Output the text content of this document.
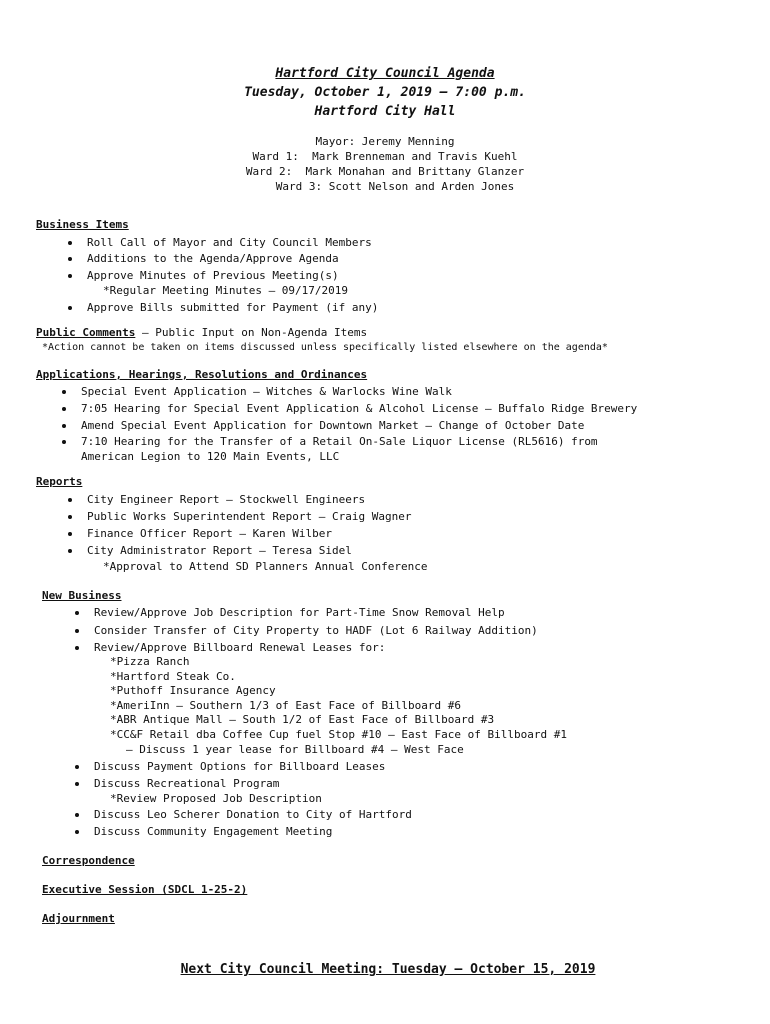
Hartford City Council Agenda
Tuesday, October 1, 2019 – 7:00 p.m.
Hartford City Hall
Mayor: Jeremy Menning
Ward 1:  Mark Brenneman and Travis Kuehl
Ward 2:  Mark Monahan and Brittany Glanzer
Ward 3: Scott Nelson and Arden Jones
Business Items
Roll Call of Mayor and City Council Members
Additions to the Agenda/Approve Agenda
Approve Minutes of Previous Meeting(s)
*Regular Meeting Minutes – 09/17/2019
Approve Bills submitted for Payment (if any)
Public Comments – Public Input on Non-Agenda Items
*Action cannot be taken on items discussed unless specifically listed elsewhere on the agenda*
Applications, Hearings, Resolutions and Ordinances
Special Event Application – Witches & Warlocks Wine Walk
7:05 Hearing for Special Event Application & Alcohol License – Buffalo Ridge Brewery
Amend Special Event Application for Downtown Market – Change of October Date
7:10 Hearing for the Transfer of a Retail On-Sale Liquor License (RL5616) from
American Legion to 120 Main Events, LLC
Reports
City Engineer Report – Stockwell Engineers
Public Works Superintendent Report – Craig Wagner
Finance Officer Report – Karen Wilber
City Administrator Report – Teresa Sidel
*Approval to Attend SD Planners Annual Conference
New Business
Review/Approve Job Description for Part-Time Snow Removal Help
Consider Transfer of City Property to HADF (Lot 6 Railway Addition)
Review/Approve Billboard Renewal Leases for:
*Pizza Ranch
*Hartford Steak Co.
*Puthoff Insurance Agency
*AmeriInn – Southern 1/3 of East Face of Billboard #6
*ABR Antique Mall – South 1/2 of East Face of Billboard #3
*CC&F Retail dba Coffee Cup fuel Stop #10 – East Face of Billboard #1
– Discuss 1 year lease for Billboard #4 – West Face
Discuss Payment Options for Billboard Leases
Discuss Recreational Program
*Review Proposed Job Description
Discuss Leo Scherer Donation to City of Hartford
Discuss Community Engagement Meeting
Correspondence
Executive Session (SDCL 1-25-2)
Adjournment
Next City Council Meeting: Tuesday – October 15, 2019
